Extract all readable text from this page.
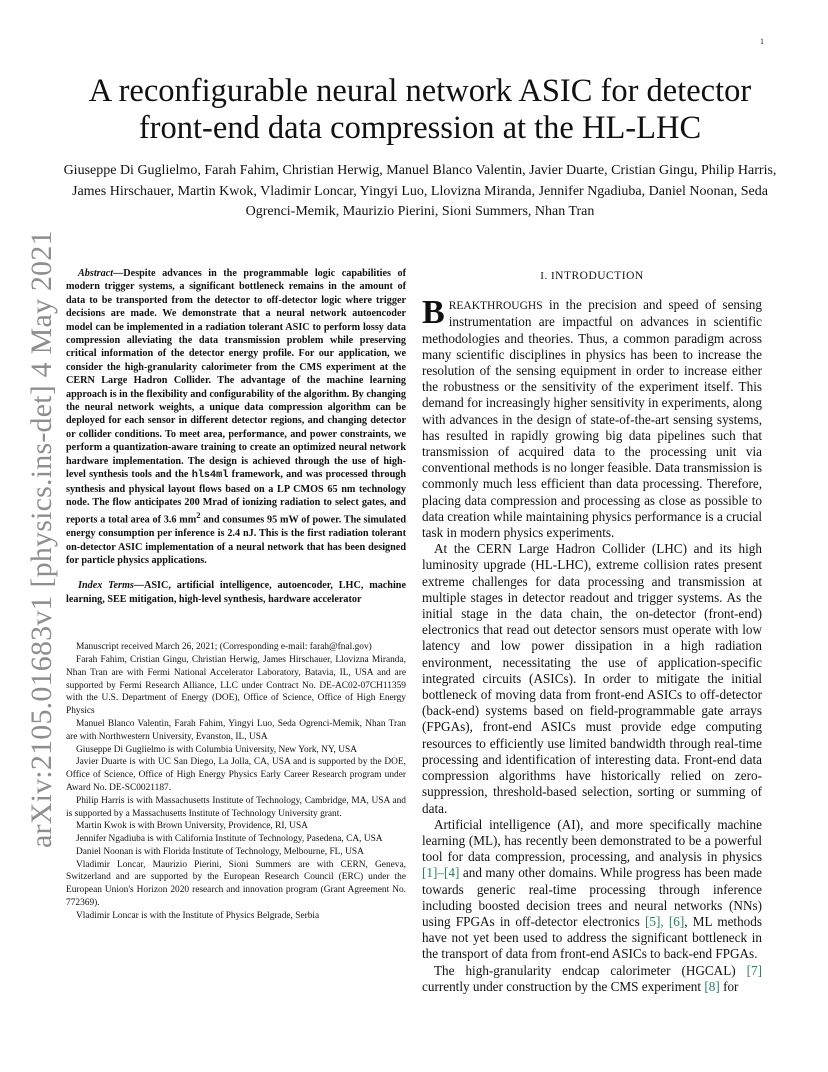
1
arXiv:2105.01683v1 [physics.ins-det] 4 May 2021
A reconfigurable neural network ASIC for detector front-end data compression at the HL-LHC

Giuseppe Di Guglielmo, Farah Fahim, Christian Herwig, Manuel Blanco Valentin, Javier Duarte, Cristian Gingu, Philip Harris, James Hirschauer, Martin Kwok, Vladimir Loncar, Yingyi Luo, Llovizna Miranda, Jennifer Ngadiuba, Daniel Noonan, Seda Ogrenci-Memik, Maurizio Pierini, Sioni Summers, Nhan Tran

Abstract—Despite advances in the programmable logic capabilities of modern trigger systems, a significant bottleneck remains in the amount of data to be transported from the detector to off-detector logic where trigger decisions are made. We demonstrate that a neural network autoencoder model can be implemented in a radiation tolerant ASIC to perform lossy data compression alleviating the data transmission problem while preserving critical information of the detector energy profile. For our application, we consider the high-granularity calorimeter from the CMS experiment at the CERN Large Hadron Collider. The advantage of the machine learning approach is in the flexibility and configurability of the algorithm. By changing the neural network weights, a unique data compression algorithm can be deployed for each sensor in different detector regions, and changing detector or collider conditions. To meet area, performance, and power constraints, we perform a quantization-aware training to create an optimized neural network hardware implementation. The design is achieved through the use of high-level synthesis tools and the hls4ml framework, and was processed through synthesis and physical layout flows based on a LP CMOS 65 nm technology node. The flow anticipates 200 Mrad of ionizing radiation to select gates, and reports a total area of 3.6 $mm^2$ and consumes 95 mW of power. The simulated energy consumption per inference is 2.4 nJ. This is the first radiation tolerant on-detector ASIC implementation of a neural network that has been designed for particle physics applications.

Index Terms—ASIC, artificial intelligence, autoencoder, LHC, machine learning, SEE mitigation, high-level synthesis, hardware accelerator

Manuscript received March 26, 2021; (Corresponding e-mail: farah@fnal.gov)

Farah Fahim, Cristian Gingu, Christian Herwig, James Hirschauer, Llovizna Miranda, Nhan Tran are with Fermi National Accelerator Laboratory, Batavia, IL, USA and are supported by Fermi Research Alliance, LLC under Contract No. DE-AC02-07CH11359 with the U.S. Department of Energy (DOE), Office of Science, Office of High Energy Physics

Manuel Blanco Valentin, Farah Fahim, Yingyi Luo, Seda Ogrenci-Memik, Nhan Tran are with Northwestern University, Evanston, IL, USA

Giuseppe Di Guglielmo is with Columbia University, New York, NY, USA

Javier Duarte is with UC San Diego, La Jolla, CA, USA and is supported by the DOE, Office of Science, Office of High Energy Physics Early Career Research program under Award No. DE-SC0021187.

Philip Harris is with Massachusetts Institute of Technology, Cambridge, MA, USA and is supported by a Massachusetts Institute of Technology University grant.

Martin Kwok is with Brown University, Providence, RI, USA

Jennifer Ngadiuba is with California Institute of Technology, Pasedena, CA, USA

Daniel Noonan is with Florida Institute of Technology, Melbourne, FL, USA

Vladimir Loncar, Maurizio Pierini, Sioni Summers are with CERN, Geneva, Switzerland and are supported by the European Research Council (ERC) under the European Union's Horizon 2020 research and innovation program (Grant Agreement No. 772369).

Vladimir Loncar is with the Institute of Physics Belgrade, Serbia

I. INTRODUCTION

BREAKTHROUGHS in the precision and speed of sensing instrumentation are impactful on advances in scientific methodologies and theories. Thus, a common paradigm across many scientific disciplines in physics has been to increase the resolution of the sensing equipment in order to increase either the robustness or the sensitivity of the experiment itself. This demand for increasingly higher sensitivity in experiments, along with advances in the design of state-of-the-art sensing systems, has resulted in rapidly growing big data pipelines such that transmission of acquired data to the processing unit via conventional methods is no longer feasible. Data transmission is commonly much less efficient than data processing. Therefore, placing data compression and processing as close as possible to data creation while maintaining physics performance is a crucial task in modern physics experiments.

At the CERN Large Hadron Collider (LHC) and its high luminosity upgrade (HL-LHC), extreme collision rates present extreme challenges for data processing and transmission at multiple stages in detector readout and trigger systems. As the initial stage in the data chain, the on-detector (front-end) electronics that read out detector sensors must operate with low latency and low power dissipation in a high radiation environment, necessitating the use of application-specific integrated circuits (ASICs). In order to mitigate the initial bottleneck of moving data from front-end ASICs to off-detector (back-end) systems based on field-programmable gate arrays (FPGAs), front-end ASICs must provide edge computing resources to efficiently use limited bandwidth through real-time processing and identification of interesting data. Front-end data compression algorithms have historically relied on zero-suppression, threshold-based selection, sorting or summing of data.

Artificial intelligence (AI), and more specifically machine learning (ML), has recently been demonstrated to be a powerful tool for data compression, processing, and analysis in physics [1]–[4] and many other domains. While progress has been made towards generic real-time processing through inference including boosted decision trees and neural networks (NNs) using FPGAs in off-detector electronics [5], [6], ML methods have not yet been used to address the significant bottleneck in the transport of data from front-end ASICs to back-end FPGAs.

The high-granularity endcap calorimeter (HGCAL) [7] currently under construction by the CMS experiment [8] for
